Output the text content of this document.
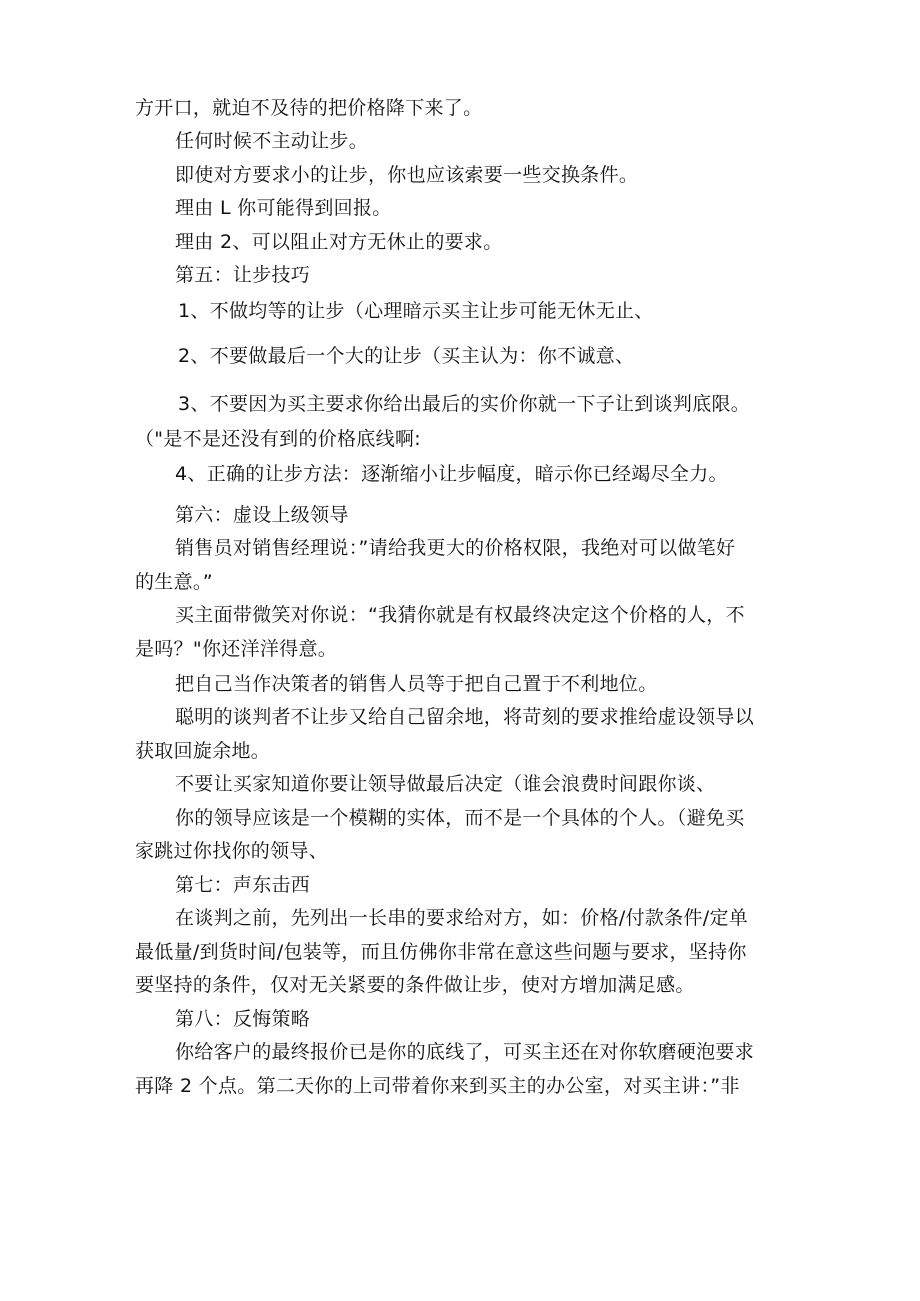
方开口，就迫不及待的把价格降下来了。
任何时候不主动让步。
即使对方要求小的让步，你也应该索要一些交换条件。
理由 L 你可能得到回报。
理由 2、可以阻止对方无休止的要求。
第五：让步技巧
1、不做均等的让步（心理暗示买主让步可能无休无止、
2、不要做最后一个大的让步（买主认为：你不诚意、
3、不要因为买主要求你给出最后的实价你就一下子让到谈判底限。
（"是不是还没有到的价格底线啊:
4、正确的让步方法：逐渐缩小让步幅度，暗示你已经竭尽全力。
第六：虚设上级领导
销售员对销售经理说：”请给我更大的价格权限，我绝对可以做笔好
的生意。”
买主面带微笑对你说：“我猜你就是有权最终决定这个价格的人，不
是吗？"你还洋洋得意。
把自己当作决策者的销售人员等于把自己置于不利地位。
聪明的谈判者不让步又给自己留余地，将苛刻的要求推给虚设领导以
获取回旋余地。
不要让买家知道你要让领导做最后决定（谁会浪费时间跟你谈、
你的领导应该是一个模糊的实体，而不是一个具体的个人。（避免买
家跳过你找你的领导、
第七：声东击西
在谈判之前，先列出一长串的要求给对方，如：价格/付款条件/定单
最低量/到货时间/包装等，而且仿佛你非常在意这些问题与要求，坚持你
要坚持的条件，仅对无关紧要的条件做让步，使对方增加满足感。
第八：反悔策略
你给客户的最终报价已是你的底线了，可买主还在对你软磨硬泡要求
再降 2 个点。第二天你的上司带着你来到买主的办公室，对买主讲：”非
